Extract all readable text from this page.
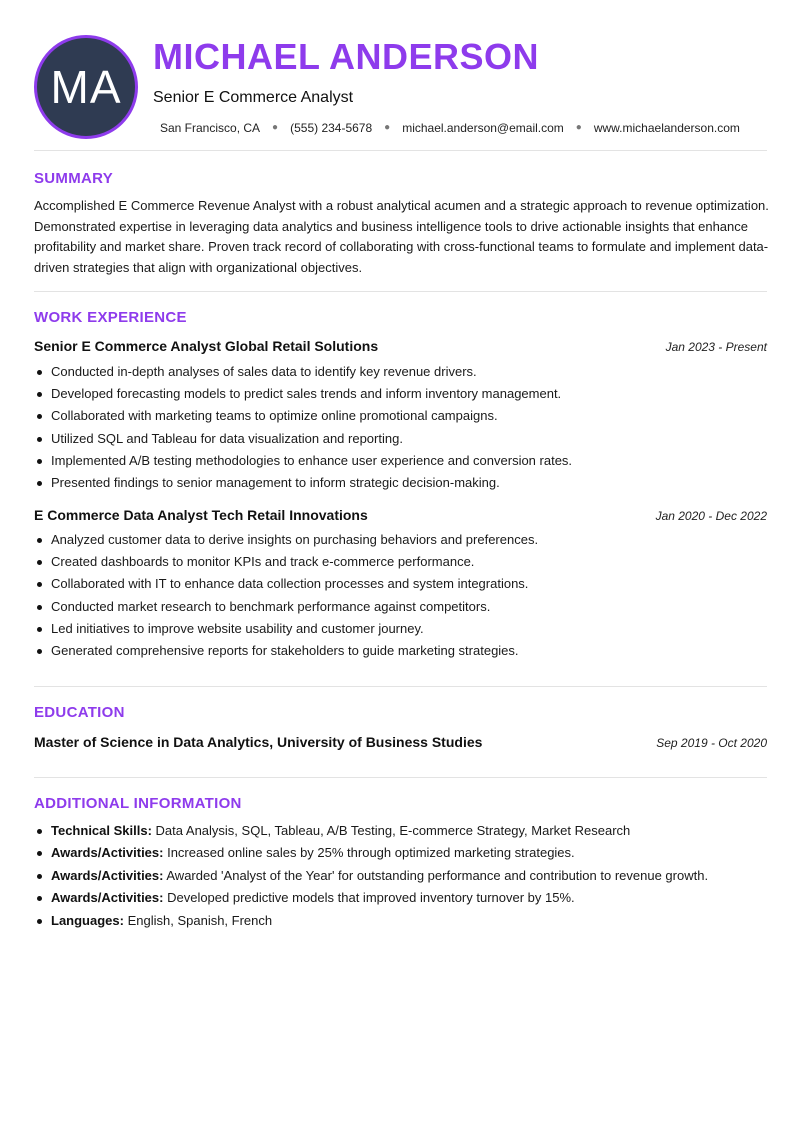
MA
MICHAEL ANDERSON
Senior E Commerce Analyst
San Francisco, CA ● (555) 234-5678 ● michael.anderson@email.com ● www.michaelanderson.com
SUMMARY
Accomplished E Commerce Revenue Analyst with a robust analytical acumen and a strategic approach to revenue optimization. Demonstrated expertise in leveraging data analytics and business intelligence tools to drive actionable insights that enhance profitability and market share. Proven track record of collaborating with cross-functional teams to formulate and implement data-driven strategies that align with organizational objectives.
WORK EXPERIENCE
Senior E Commerce Analyst Global Retail Solutions	Jan 2023 - Present
Conducted in-depth analyses of sales data to identify key revenue drivers.
Developed forecasting models to predict sales trends and inform inventory management.
Collaborated with marketing teams to optimize online promotional campaigns.
Utilized SQL and Tableau for data visualization and reporting.
Implemented A/B testing methodologies to enhance user experience and conversion rates.
Presented findings to senior management to inform strategic decision-making.
E Commerce Data Analyst Tech Retail Innovations	Jan 2020 - Dec 2022
Analyzed customer data to derive insights on purchasing behaviors and preferences.
Created dashboards to monitor KPIs and track e-commerce performance.
Collaborated with IT to enhance data collection processes and system integrations.
Conducted market research to benchmark performance against competitors.
Led initiatives to improve website usability and customer journey.
Generated comprehensive reports for stakeholders to guide marketing strategies.
EDUCATION
Master of Science in Data Analytics, University of Business Studies	Sep 2019 - Oct 2020
ADDITIONAL INFORMATION
Technical Skills: Data Analysis, SQL, Tableau, A/B Testing, E-commerce Strategy, Market Research
Awards/Activities: Increased online sales by 25% through optimized marketing strategies.
Awards/Activities: Awarded 'Analyst of the Year' for outstanding performance and contribution to revenue growth.
Awards/Activities: Developed predictive models that improved inventory turnover by 15%.
Languages: English, Spanish, French
